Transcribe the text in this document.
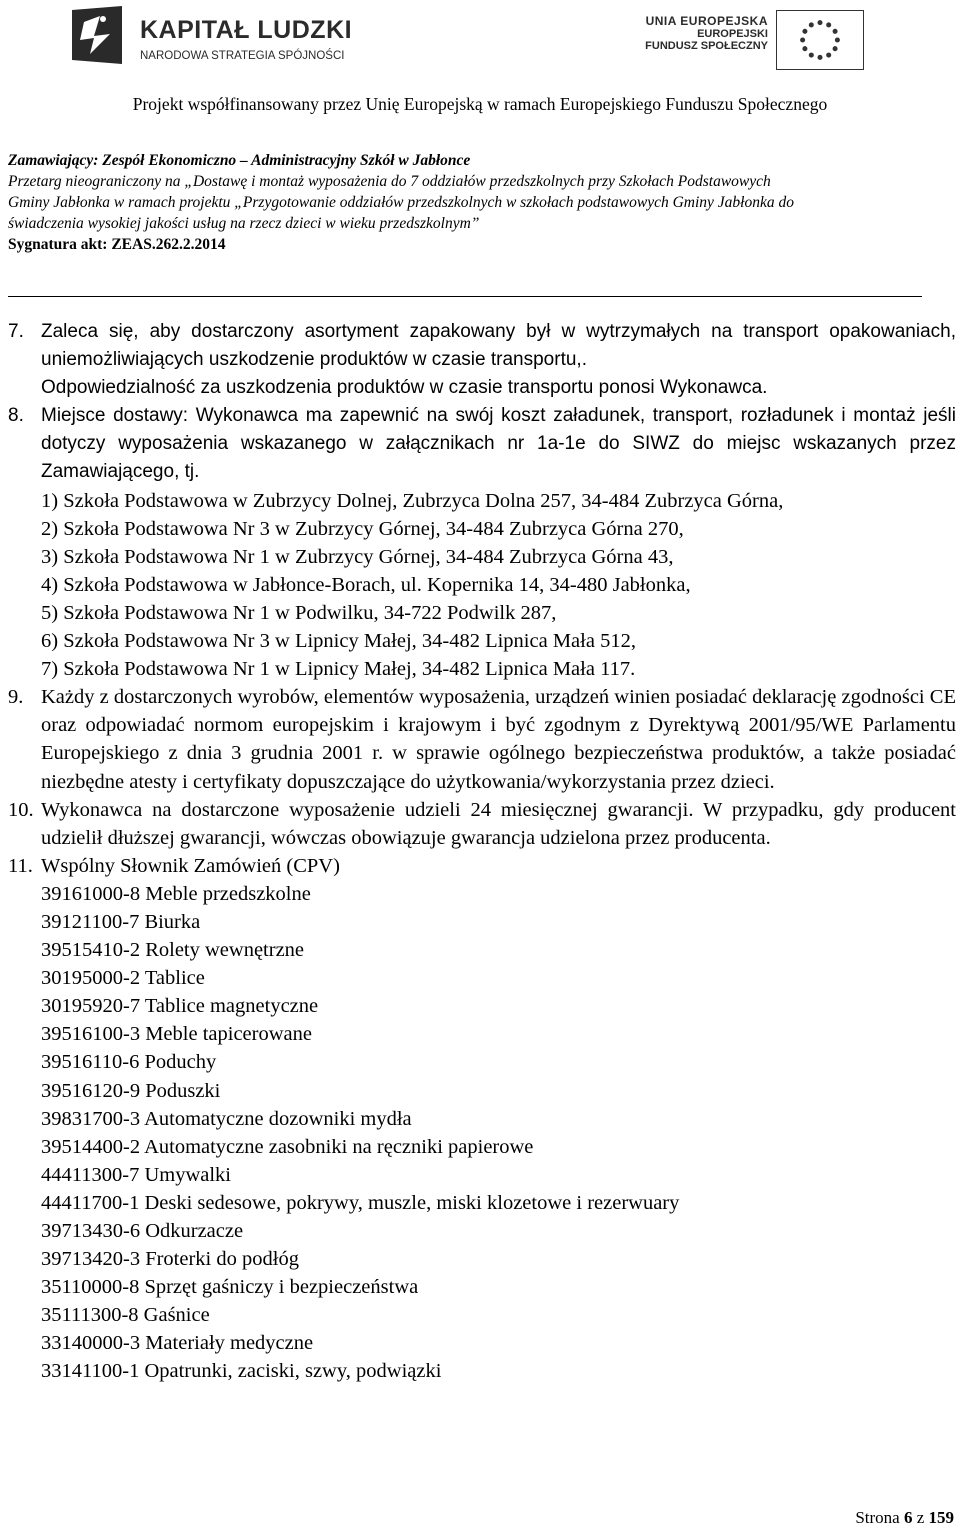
KAPITAŁ LUDZKI
NARODOWA STRATEGIA SPÓJNOŚCI
UNIA EUROPEJSKA
EUROPEJSKI
FUNDUSZ SPOŁECZNY
Projekt współfinansowany przez Unię Europejską w ramach Europejskiego Funduszu Społecznego
Zamawiający: Zespół Ekonomiczno – Administracyjny Szkół w Jabłonce
Przetarg nieograniczony na „Dostawę i montaż wyposażenia do 7 oddziałów przedszkolnych przy Szkołach Podstawowych
Gminy Jabłonka w ramach projektu „Przygotowanie oddziałów przedszkolnych w szkołach podstawowych Gminy Jabłonka do
świadczenia wysokiej jakości usług na rzecz dzieci w wieku przedszkolnym”
Sygnatura akt: ZEAS.262.2.2014
7. Zaleca się, aby dostarczony asortyment zapakowany był w wytrzymałych na transport opakowaniach, uniemożliwiających uszkodzenie produktów w czasie transportu,.
Odpowiedzialność za uszkodzenia produktów w czasie transportu ponosi Wykonawca.
8. Miejsce dostawy: Wykonawca ma zapewnić na swój koszt załadunek, transport, rozładunek i montaż jeśli dotyczy wyposażenia wskazanego w załącznikach nr 1a-1e do SIWZ do miejsc wskazanych przez Zamawiającego, tj.
1) Szkoła Podstawowa w Zubrzycy Dolnej, Zubrzyca Dolna 257, 34-484 Zubrzyca Górna,
2) Szkoła Podstawowa Nr 3 w Zubrzycy Górnej, 34-484 Zubrzyca Górna 270,
3) Szkoła Podstawowa Nr 1 w Zubrzycy Górnej, 34-484 Zubrzyca Górna 43,
4) Szkoła Podstawowa w Jabłonce-Borach, ul. Kopernika 14, 34-480 Jabłonka,
5) Szkoła Podstawowa Nr 1 w Podwilku, 34-722 Podwilk 287,
6) Szkoła Podstawowa Nr 3 w Lipnicy Małej, 34-482 Lipnica Mała 512,
7) Szkoła Podstawowa Nr 1 w Lipnicy Małej, 34-482 Lipnica Mała 117.
9. Każdy z dostarczonych wyrobów, elementów wyposażenia, urządzeń winien posiadać deklarację zgodności CE oraz odpowiadać normom europejskim i krajowym i być zgodnym z Dyrektywą 2001/95/WE Parlamentu Europejskiego z dnia 3 grudnia 2001 r. w sprawie ogólnego bezpieczeństwa produktów, a także posiadać niezbędne atesty i certyfikaty dopuszczające do użytkowania/wykorzystania przez dzieci.
10. Wykonawca na dostarczone wyposażenie udzieli 24 miesięcznej gwarancji. W przypadku, gdy producent udzielił dłuższej gwarancji, wówczas obowiązuje gwarancja udzielona przez producenta.
11. Wspólny Słownik Zamówień (CPV)
39161000-8 Meble przedszkolne
39121100-7 Biurka
39515410-2 Rolety wewnętrzne
30195000-2 Tablice
30195920-7 Tablice magnetyczne
39516100-3 Meble tapicerowane
39516110-6 Poduchy
39516120-9 Poduszki
39831700-3 Automatyczne dozowniki mydła
39514400-2 Automatyczne zasobniki na ręczniki papierowe
44411300-7 Umywalki
44411700-1 Deski sedesowe, pokrywy, muszle, miski klozetowe i rezerwuary
39713430-6 Odkurzacze
39713420-3 Froterki do podłóg
35110000-8 Sprzęt gaśniczy i bezpieczeństwa
35111300-8 Gaśnice
33140000-3 Materiały medyczne
33141100-1 Opatrunki, zaciski, szwy, podwiązki
Strona 6 z 159
